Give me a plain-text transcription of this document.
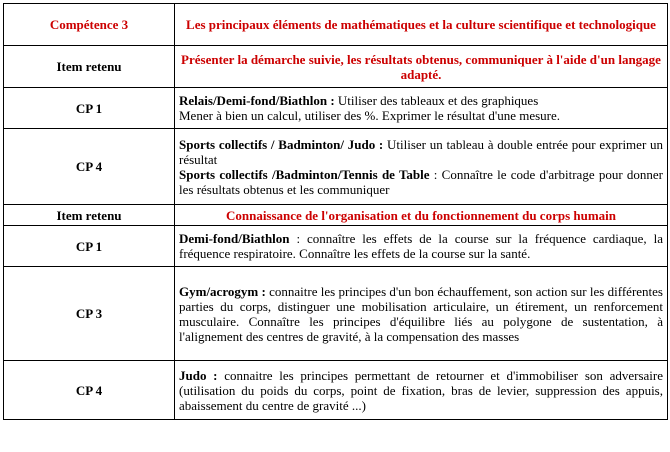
Compétence 3	Les principaux éléments de mathématiques et la culture scientifique et technologique
Item retenu	Présenter la démarche suivie, les résultats obtenus, communiquer à l'aide d'un langage adapté.
CP 1	Relais/Demi-fond/Biathlon : Utiliser des tableaux et des graphiques
Mener à bien un calcul, utiliser des %. Exprimer le résultat d'une mesure.

CP 4	Sports collectifs / Badminton/ Judo : Utiliser un tableau à double entrée pour exprimer un résultat
Sports collectifs /Badminton/Tennis de Table : Connaître le code d'arbitrage pour donner les résultats obtenus et les communiquer

Item retenu	Connaissance de l'organisation et du fonctionnement du corps humain
CP 1	Demi-fond/Biathlon : connaître les effets de la course sur la fréquence cardiaque, la fréquence respiratoire. Connaître les effets de la course sur la santé.
CP 3	Gym/acrogym : connaitre les principes d'un bon échauffement, son action sur les différentes parties du corps, distinguer une mobilisation articulaire, un étirement, un renforcement musculaire. Connaître les principes d'équilibre liés au polygone de sustentation, à l'alignement des centres de gravité, à la compensation des masses
CP 4	Judo : connaitre les principes permettant de retourner et d'immobiliser son adversaire (utilisation du poids du corps, point de fixation, bras de levier, suppression des appuis, abaissement du centre de gravité ...)
